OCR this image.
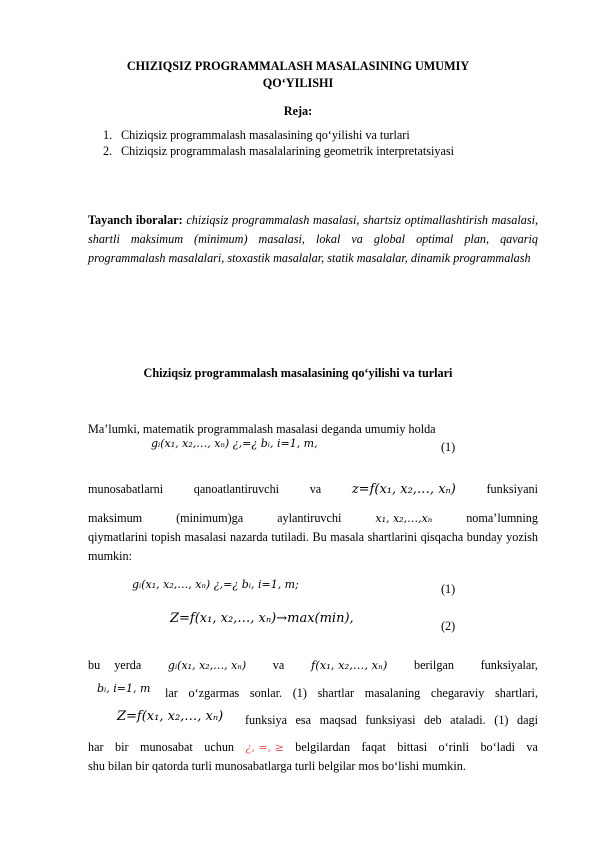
CHIZIQSIZ PROGRAMMALASH MASALASINING UMUMIY
QO‘YILISHI
Reja:
1. Chiziqsiz programmalash masalasining qo‘yilishi va turlari
2. Chiziqsiz programmalash masalalarining geometrik interpretatsiyasi
Tayanch iboralar: chiziqsiz programmalash masalasi, shartsiz optimallashtirish masalasi, shartli maksimum (minimum) masalasi, lokal va global optimal plan, qavariq programmalash masalalari, stoxastik masalalar, statik masalalar, dinamik programmalash
Chiziqsiz programmalash masalasining qo‘yilishi va turlari
Ma’lumki, matematik programmalash masalasi deganda umumiy holda
gᵢ(x₁, x₂,…, xₙ) ¿,=¿ bᵢ, i=1, m,	(1)
munosabatlarni	qanoatlantiruvchi	va z=f(x₁, x₂,…, xₙ)	funksiyani
maksimum	(minimum)ga	aylantiruvchi	x₁, x₂,…,xₙ	noma’lumning
qiymatlarini topish masalasi nazarda tutiladi. Bu masala shartlarini qisqacha bunday yozish mumkin:
gᵢ(x₁, x₂,…, xₙ) ¿,=¿ bᵢ, i=1, m;	(1)
Z=f(x₁, x₂,…, xₙ)→max(min),	(2)
bu yerda gᵢ(x₁, x₂,…, xₙ) va f(x₁, x₂,…, xₙ) berilgan funksiyalar,
bᵢ, i=1, m lar o‘zgarmas sonlar. (1) shartlar masalaning chegaraviy shartlari,
Z=f(x₁, x₂,…, xₙ) funksiya esa maqsad funksiyasi deb ataladi. (1) dagi
har bir munosabat uchun ¿, =, ≥ belgilardan faqat bittasi o‘rinli bo‘ladi va
shu bilan bir qatorda turli munosabatlarga turli belgilar mos bo‘lishi mumkin.
